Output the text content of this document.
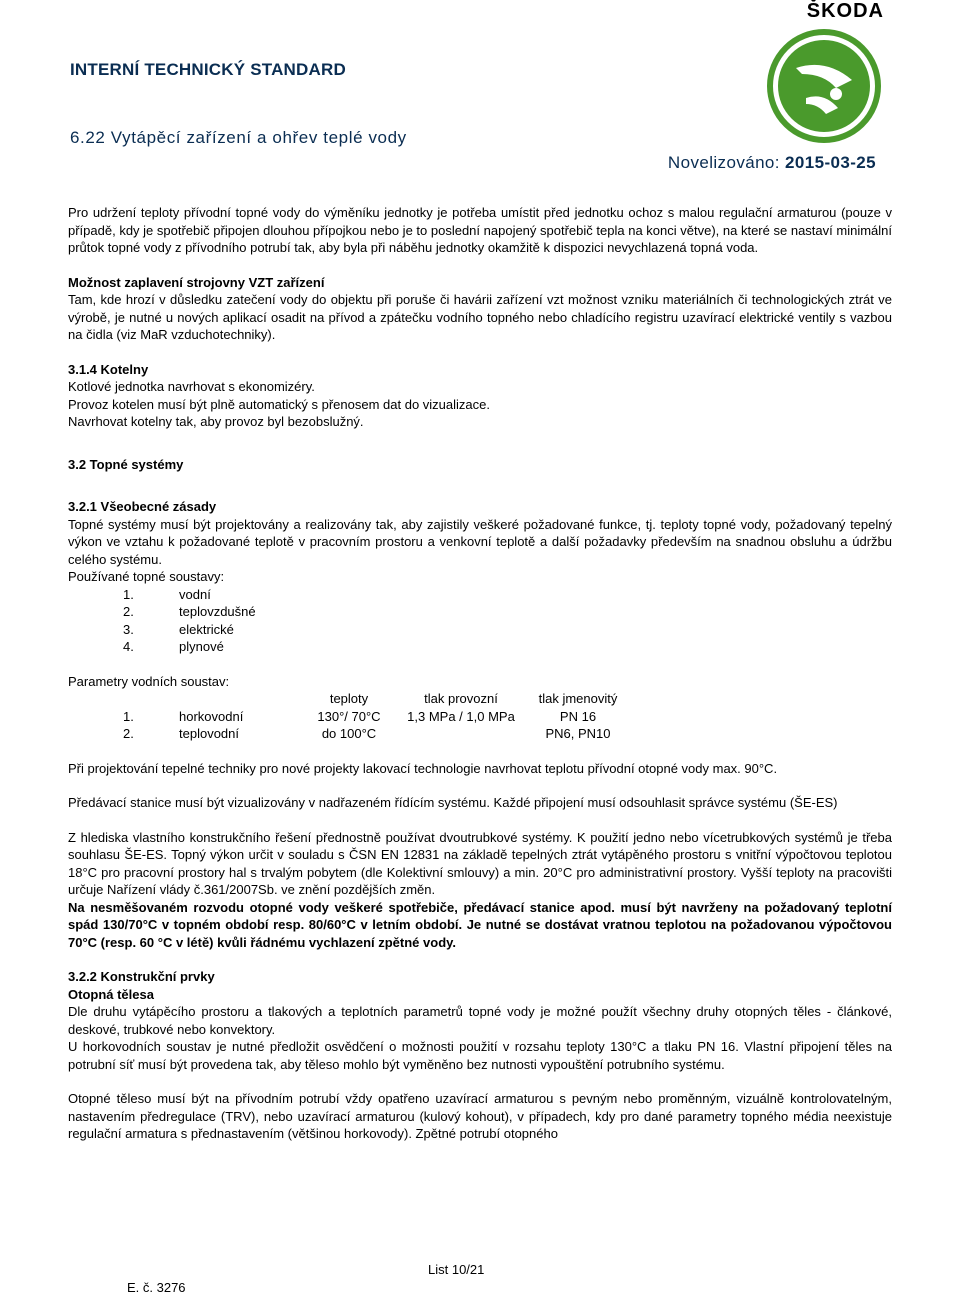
ŠKODA
INTERNÍ TECHNICKÝ STANDARD
6.22 Vytápěcí zařízení a ohřev teplé vody
Novelizováno: 2015-03-25

Pro udržení teploty přívodní topné vody do výměníku jednotky je potřeba umístit před jednotku ochoz s malou regulační armaturou (pouze v případě, kdy je spotřebič připojen dlouhou přípojkou nebo je to poslední napojený spotřebič tepla na konci větve), na které se nastaví minimální průtok topné vody z přívodního potrubí tak, aby byla při náběhu jednotky okamžitě k dispozici nevychlazená topná voda.

Možnost zaplavení strojovny VZT zařízení

Tam, kde hrozí v důsledku zatečení vody do objektu při poruše či havárii zařízení vzt možnost vzniku materiálních či technologických ztrát ve výrobě, je nutné u nových aplikací osadit na přívod a zpátečku vodního topného nebo chladícího registru uzavírací elektrické ventily s vazbou na čidla (viz MaR vzduchotechniky).

3.1.4 Kotelny

Kotlové jednotka navrhovat s ekonomizéry.

Provoz kotelen musí být plně automatický s přenosem dat do vizualizace.

Navrhovat kotelny tak, aby provoz byl bezobslužný.

3.2 Topné systémy

3.2.1 Všeobecné zásady

Topné systémy musí být projektovány a realizovány tak, aby zajistily veškeré požadované funkce, tj. teploty topné vody, požadovaný tepelný výkon ve vztahu k požadované teplotě v pracovním prostoru a venkovní teplotě a další požadavky především na snadnou obsluhu a údržbu celého systému.

Používané topné soustavy:

1.	vodní
2.	teplovzdušné
3.	elektrické
4.	plynové

Parametry vodních soustav:

		teploty	tlak provozní	tlak jmenovitý
1.	horkovodní	130°/ 70°C	1,3 MPa / 1,0 MPa	PN 16
2.	teplovodní	do 100°C		PN6, PN10

Při projektování tepelné techniky pro nové projekty lakovací technologie navrhovat teplotu přívodní otopné vody max. 90°C.

Předávací stanice musí být vizualizovány v nadřazeném řídícím systému. Každé připojení musí odsouhlasit správce systému (ŠE-ES)

Z hlediska vlastního konstrukčního řešení přednostně používat dvoutrubkové systémy. K použití jedno nebo vícetrubkových systémů je třeba souhlasu ŠE-ES. Topný výkon určit v souladu s ČSN EN 12831 na základě tepelných ztrát vytápěného prostoru s vnitřní výpočtovou teplotou 18°C pro pracovní prostory hal s trvalým pobytem (dle Kolektivní smlouvy) a min. 20°C pro administrativní prostory. Vyšší teploty na pracovišti určuje Nařízení vlády č.361/2007Sb. ve znění pozdějších změn.

Na nesměšovaném rozvodu otopné vody veškeré spotřebiče, předávací stanice apod. musí být navrženy na požadovaný teplotní spád 130/70°C v topném období resp. 80/60°C v letním období. Je nutné se dostávat vratnou teplotou na požadovanou výpočtovou 70°C (resp. 60 °C v létě) kvůli řádnému vychlazení zpětné vody.

3.2.2 Konstrukční prvky

Otopná tělesa

Dle druhu vytápěcího prostoru a tlakových a teplotních parametrů topné vody je možné použít všechny druhy otopných těles - článkové, deskové, trubkové nebo konvektory.

U horkovodních soustav je nutné předložit osvědčení o možnosti použití v rozsahu teploty 130°C a tlaku PN 16. Vlastní připojení těles na potrubní síť musí být provedena tak, aby těleso mohlo být vyměněno bez nutnosti vypouštění potrubního systému.

Otopné těleso musí být na přívodním potrubí vždy opatřeno uzavírací armaturou s pevným nebo proměnným, vizuálně kontrolovatelným, nastavením předregulace (TRV), nebo uzavírací armaturou (kulový kohout), v případech, kdy pro dané parametry topného média neexistuje regulační armatura s přednastavením (většinou horkovody). Zpětné potrubí otopného

List 10/21
E. č. 3276
